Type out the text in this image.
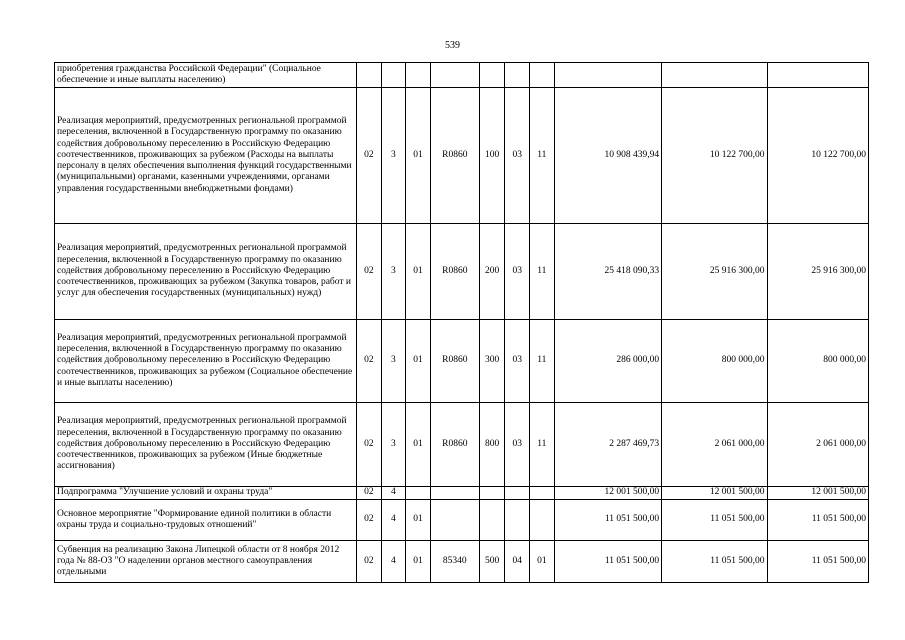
539
приобретения гражданства Российской Федерации" (Социальное обеспечение и иные выплаты населению)										
Реализация мероприятий, предусмотренных региональной программой переселения, включенной в Государственную программу по оказанию содействия добровольному переселению в Российскую Федерацию соотечественников, проживающих за рубежом (Расходы на выплаты персоналу в целях обеспечения выполнения функций государственными (муниципальными) органами, казенными учреждениями, органами управления государственными внебюджетными фондами)	02	3	01	R0860	100	03	11	10 908 439,94	10 122 700,00	10 122 700,00
Реализация мероприятий, предусмотренных региональной программой переселения, включенной в Государственную программу по оказанию содействия добровольному переселению в Российскую Федерацию соотечественников, проживающих за рубежом (Закупка товаров, работ и услуг для обеспечения государственных (муниципальных) нужд)	02	3	01	R0860	200	03	11	25 418 090,33	25 916 300,00	25 916 300,00
Реализация мероприятий, предусмотренных региональной программой переселения, включенной в Государственную программу по оказанию содействия добровольному переселению в Российскую Федерацию соотечественников, проживающих за рубежом (Социальное обеспечение и иные выплаты населению)	02	3	01	R0860	300	03	11	286 000,00	800 000,00	800 000,00
Реализация мероприятий, предусмотренных региональной программой переселения, включенной в Государственную программу по оказанию содействия добровольному переселению в Российскую Федерацию соотечественников, проживающих за рубежом (Иные бюджетные ассигнования)	02	3	01	R0860	800	03	11	2 287 469,73	2 061 000,00	2 061 000,00
Подпрограмма "Улучшение условий и охраны труда"	02	4						12 001 500,00	12 001 500,00	12 001 500,00
Основное мероприятие "Формирование единой политики в области охраны труда и социально-трудовых отношений"	02	4	01					11 051 500,00	11 051 500,00	11 051 500,00
Субвенция на реализацию Закона Липецкой области от 8 ноября 2012 года № 88-ОЗ "О наделении органов местного самоуправления отдельными	02	4	01	85340	500	04	01	11 051 500,00	11 051 500,00	11 051 500,00
